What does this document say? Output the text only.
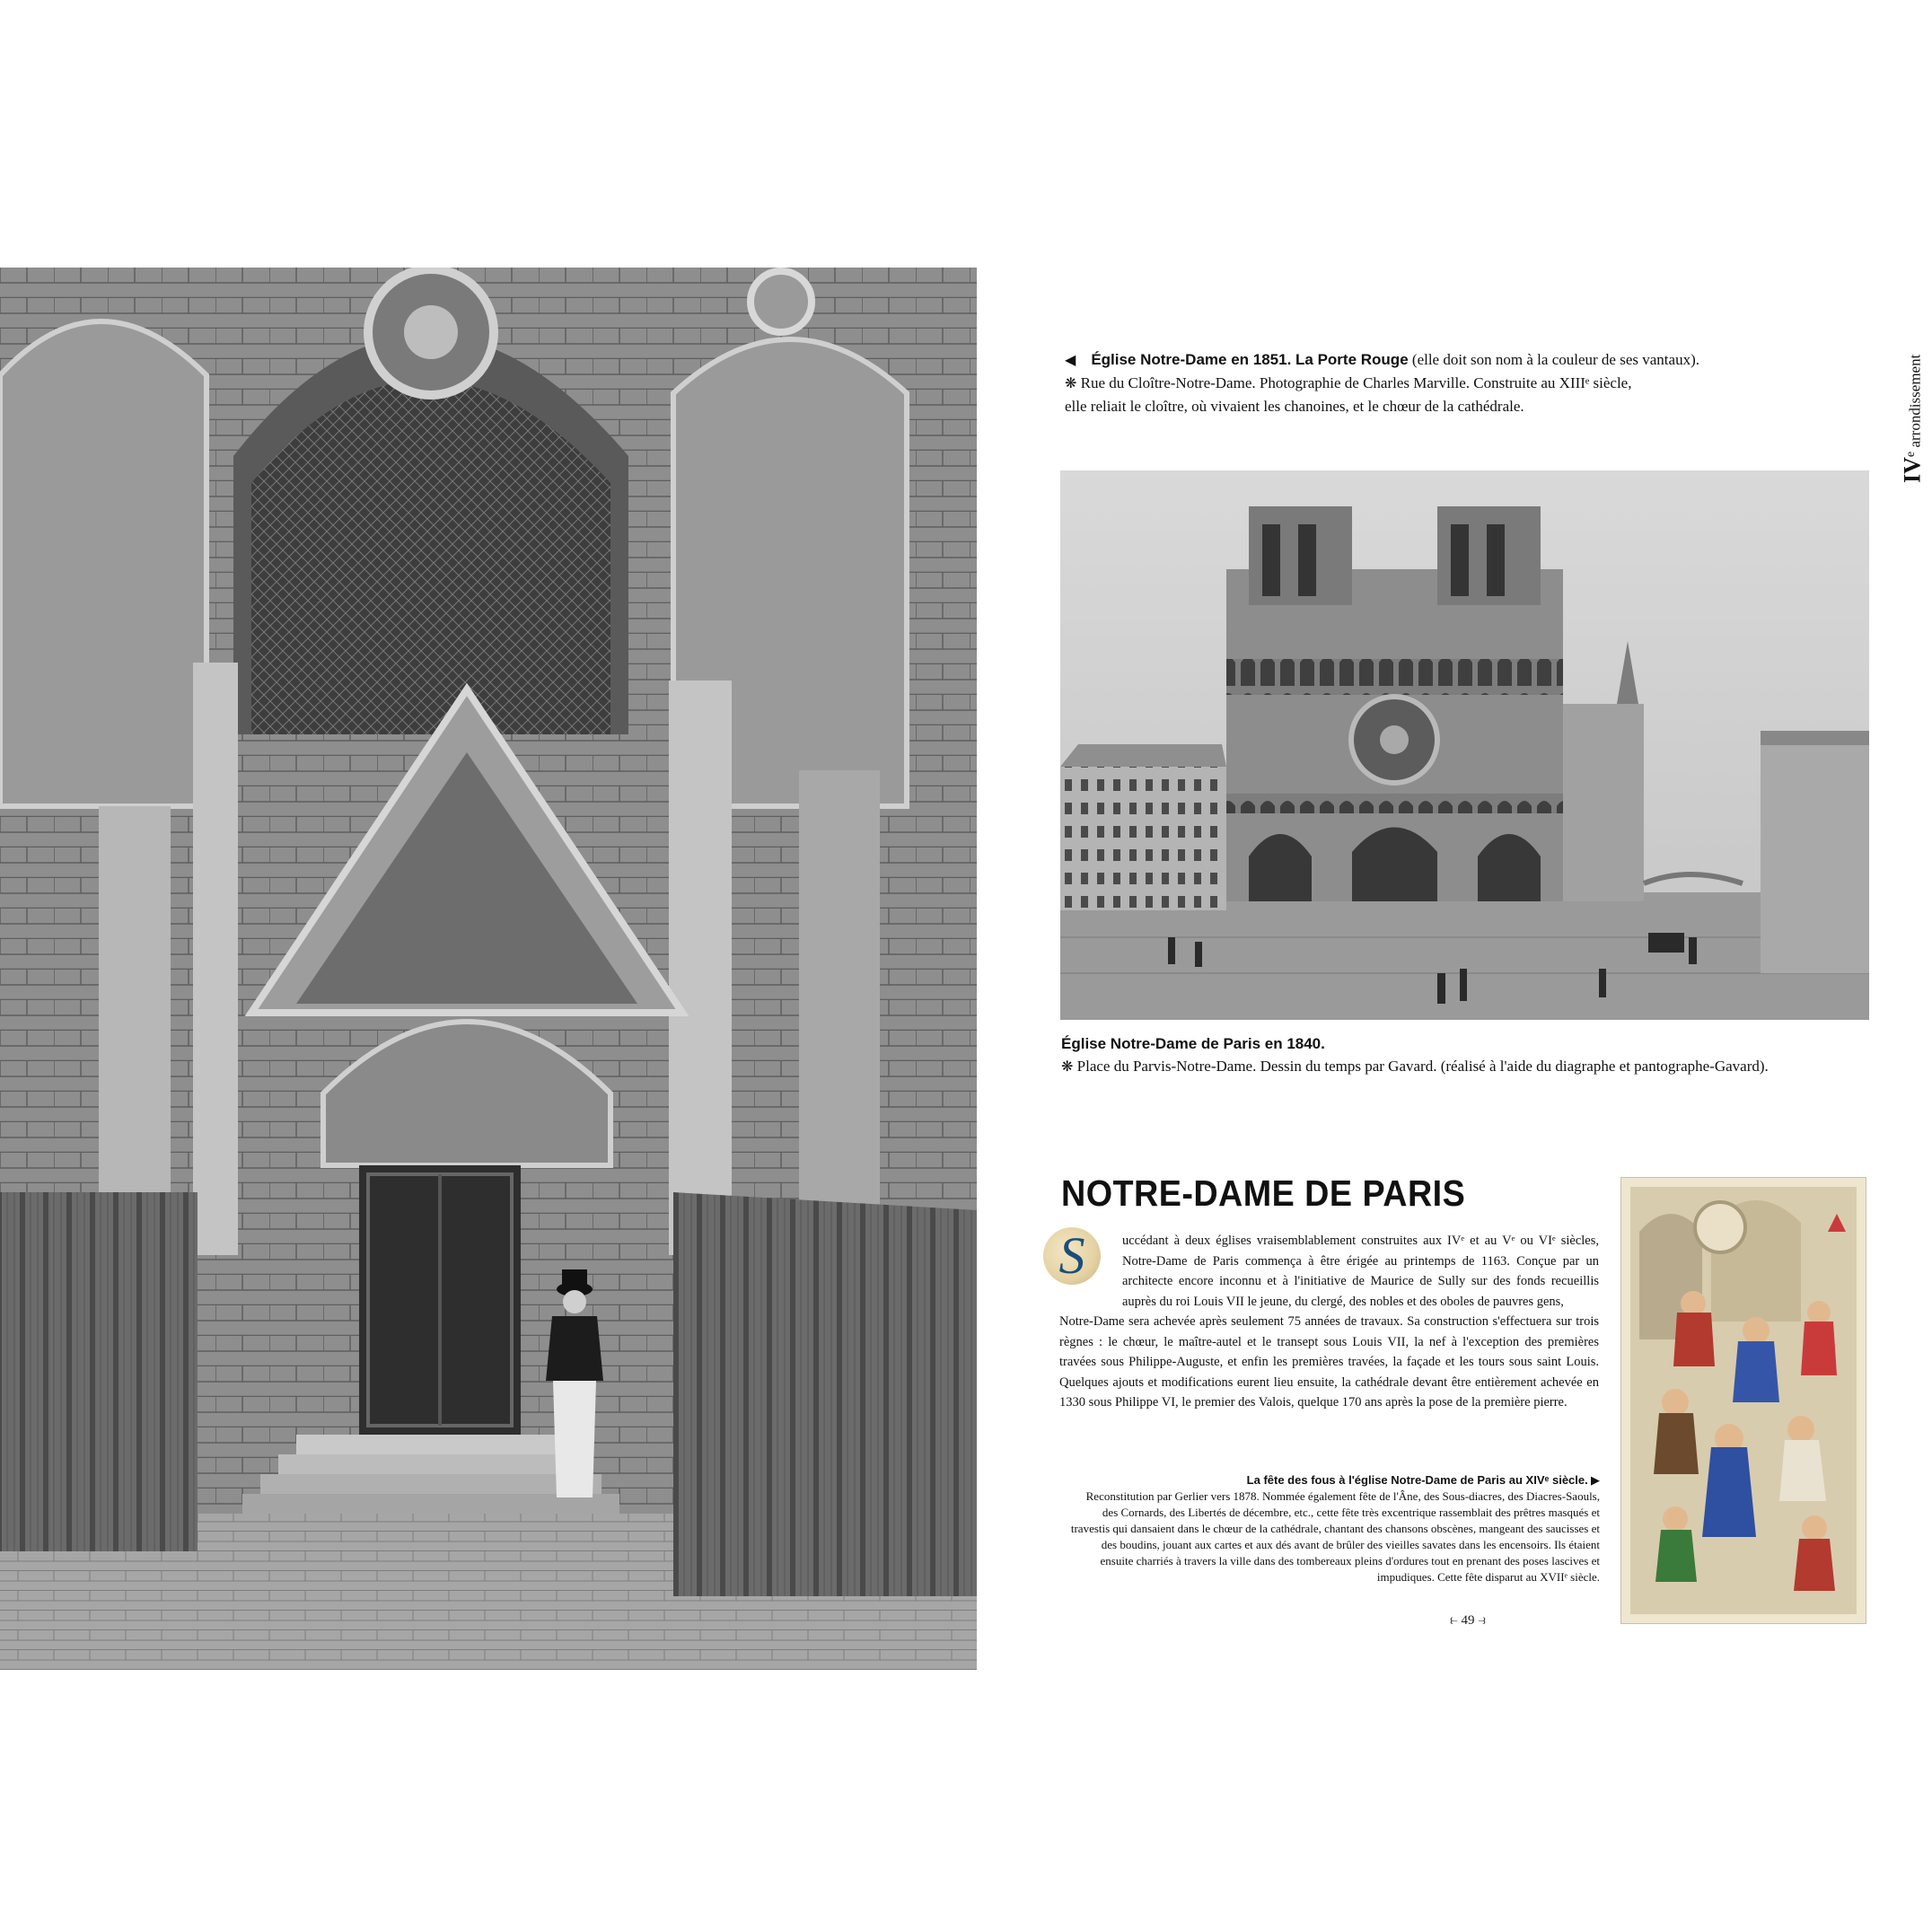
◀ Église Notre-Dame en 1851. La Porte Rouge (elle doit son nom à la couleur de ses vantaux).
❋ Rue du Cloître-Notre-Dame. Photographie de Charles Marville. Construite au XIIIᵉ siècle,
elle reliait le cloître, où vivaient les chanoines, et le chœur de la cathédrale.
Église Notre-Dame de Paris en 1840.
❋ Place du Parvis-Notre-Dame. Dessin du temps par Gavard. (réalisé à l'aide du diagraphe et pantographe-Gavard).
NOTRE-DAME DE PARIS
S	uccédant à deux églises vraisemblablement construites aux IVᵉ et au Vᵉ ou VIᵉ siècles, Notre-Dame de Paris commença à être érigée au printemps de 1163. Conçue par un architecte encore inconnu et à l'initiative de Maurice de Sully sur des fonds recueillis auprès du roi Louis VII le jeune, du clergé, des nobles et des oboles de pauvres gens,
Notre-Dame sera achevée après seulement 75 années de travaux. Sa construction s'effectuera sur trois règnes : le chœur, le maître-autel et le transept sous Louis VII, la nef à l'exception des premières travées sous Philippe-Auguste, et enfin les premières travées, la façade et les tours sous saint Louis. Quelques ajouts et modifications eurent lieu ensuite, la cathédrale devant être entièrement achevée en 1330 sous Philippe VI, le premier des Valois, quelque 170 ans après la pose de la première pierre.
La fête des fous à l'église Notre-Dame de Paris au XIVᵉ siècle. ▶
Reconstitution par Gerlier vers 1878. Nommée également fête de l'Âne, des Sous-diacres, des Diacres-Saouls, des Cornards, des Libertés de décembre, etc., cette fête très excentrique rassemblait des prêtres masqués et travestis qui dansaient dans le chœur de la cathédrale, chantant des chansons obscènes, mangeant des saucisses et des boudins, jouant aux cartes et aux dés avant de brûler des vieilles savates dans les encensoirs. Ils étaient ensuite charriés à travers la ville dans des tombereaux pleins d'ordures tout en prenant des poses lascives et impudiques. Cette fête disparut au XVIIᵉ siècle.
⥼ 49 ⥽
IVe arrondissement
